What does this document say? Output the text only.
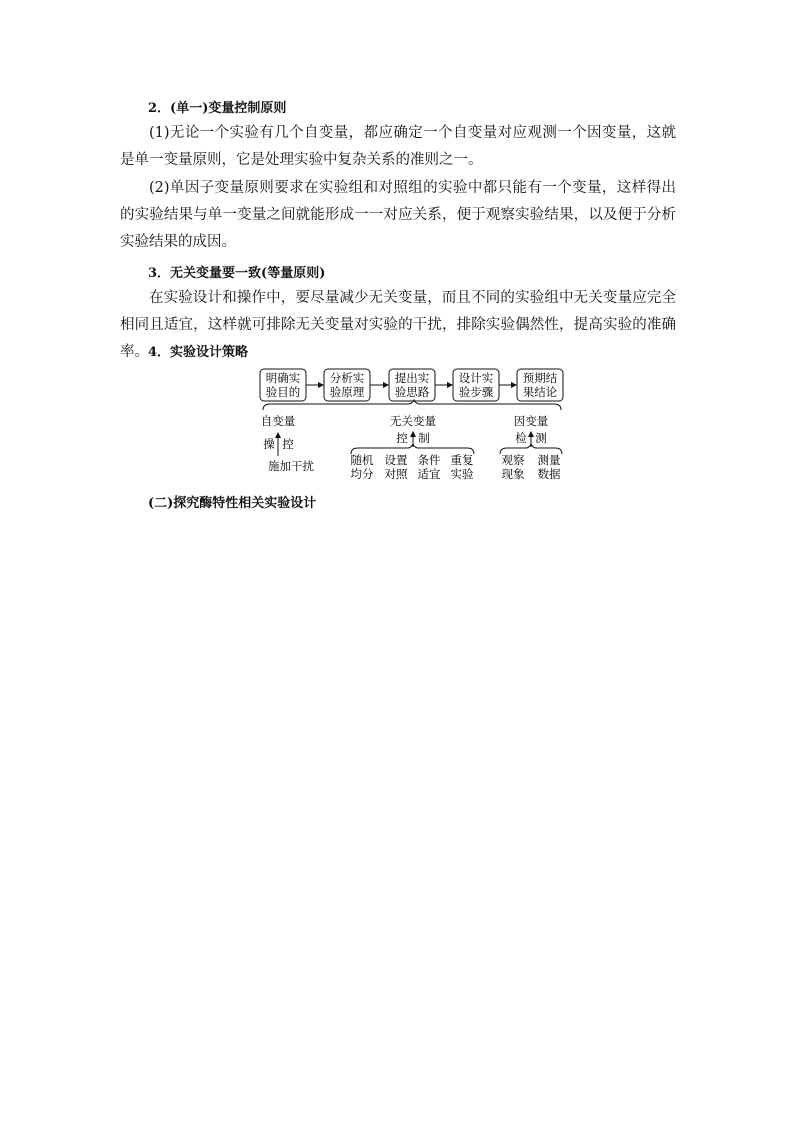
2．(单一)变量控制原则
(1)无论一个实验有几个自变量，都应确定一个自变量对应观测一个因变量，这就是单一变量原则，它是处理实验中复杂关系的准则之一。
(2)单因子变量原则要求在实验组和对照组的实验中都只能有一个变量，这样得出的实验结果与单一变量之间就能形成一一对应关系，便于观察实验结果，以及便于分析实验结果的成因。
3．无关变量要一致(等量原则)
在实验设计和操作中，要尽量减少无关变量，而且不同的实验组中无关变量应完全相同且适宜，这样就可排除无关变量对实验的干扰，排除实验偶然性，提高实验的准确率。 4．实验设计策略
明确实
验目的
分析实
验原理
提出实
验思路
设计实
验步骤
预期结
果结论
自变量
操 控
施加干扰
无关变量
控 制
随机
均分
设置
对照
条件
适宜
重复
实验
因变量
检 测
观察
现象
测量
数据
(二)探究酶特性相关实验设计
